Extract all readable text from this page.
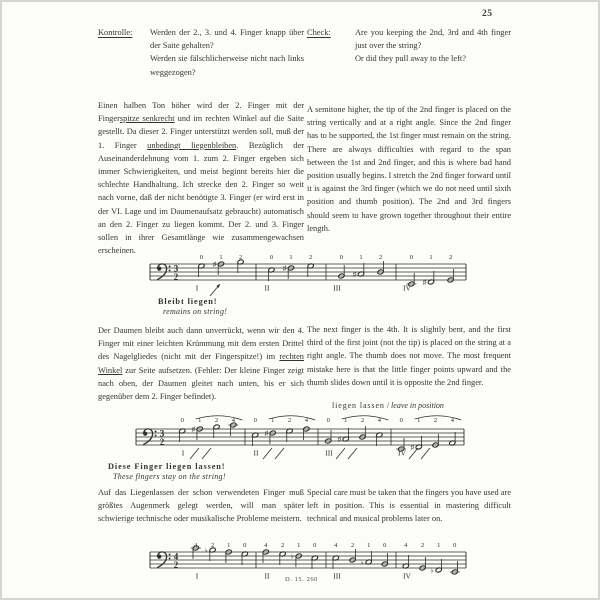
25
Kontrolle:	Werden der 2., 3. und 4. Finger knapp über der Saite gehalten?
Werden sie fälschlicherweise nicht nach links weggezogen?
Einen halben Ton höher wird der 2. Finger mit der Fingerspitze senkrecht und im rechten Winkel auf die Saite gestellt. Da dieser 2. Finger unterstützt werden soll, muß der 1. Finger unbedingt liegenbleiben. Bezüglich der Auseinanderdehnung vom 1. zum 2. Finger ergeben sich immer Schwierigkeiten, und meist beginnt bereits hier die schlechte Handhaltung. Ich strecke den 2. Finger so weit nach vorne, daß der nicht benötigte 3. Finger (er wird erst in der VI. Lage und im Daumenaufsatz gebraucht) automatisch an den 2. Finger zu liegen kommt. Der 2. und 3. Finger sollen in ihrer Gesamtlänge wie zusammengewachsen erscheinen.
Der Daumen bleibt auch dann unverrückt, wenn wir den 4. Finger mit einer leichten Krümmung mit dem ersten Drittel des Nagelgliedes (nicht mit der Fingerspitze!) im rechten Winkel zur Seite aufsetzen. (Fehler: Der kleine Finger zeigt nach oben, der Daumen gleitet nach unten, bis er sich gegenüber dem 2. Finger befindet).
Auf das Liegenlassen der schon verwendeten Finger muß größtes Augenmerk gelegt werden, will man später schwierige technische oder musikalische Probleme meistern.
Check:	Are you keeping the 2nd, 3rd and 4th finger just over the string?
Or did they pull away to the left?
A semitone higher, the tip of the 2nd finger is placed on the string vertically and at a right angle. Since the 2nd finger has to be supported, the 1st finger must remain on the string. There are always difficulties with regard to the span between the 1st and 2nd finger, and this is where bad hand position usually begins. I stretch the 2nd finger forward until it is against the 3rd finger (which we do not need until sixth position and thumb position). The 2nd and 3rd fingers should seem to have grown together throughout their entire length.
The next finger is the 4th. It is slightly bent, and the first third of the first joint (not the tip) is placed on the string at a right angle. The thumb does not move. The most frequent mistake here is that the little finger points upward and the thumb slides down until it is opposite the 2nd finger.
Special care must be taken that the fingers you have used are left in position. This is essential in mastering difficult technical and musical problems later on.
3
2
0
♯
1	2
I
0
♯
1	2
II
0
♯
1	2
III
0
♯
1	2
IV
Bleibt liegen!
remains on string!
liegen lassen / leave in position
3
2
0
♯
1 2 4
I
0
♯
1 2 4
II
0
♯
1 2 4
III
0
♯
1 2 4
IV
Diese Finger liegen lassen!
These fingers stay on the string!
4
2
4
♭
2 1 0
I
4 2
♭
1 0
II
4 2
♭
1 0
III
4 2
♭
1 0
IV
D. 15. 260
